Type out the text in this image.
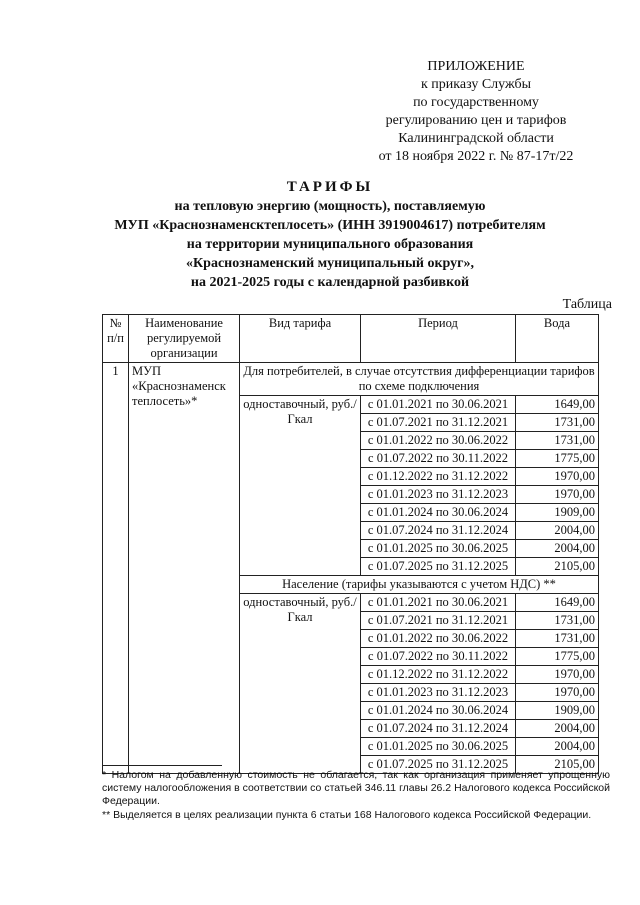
ПРИЛОЖЕНИЕ
к приказу Службы
по государственному
регулированию цен и тарифов
Калининградской области
от 18 ноября 2022 г. № 87-17т/22
ТАРИФЫ
на тепловую энергию (мощность), поставляемую
МУП «Краснознаменсктеплосеть» (ИНН 3919004617) потребителям
на территории муниципального образования
«Краснознаменский муниципальный округ»,
на 2021-2025 годы с календарной разбивкой
Таблица
№ п/п	Наименование регулируемой организации	Вид тарифа	Период	Вода
1	МУП «Краснознаменск теплосеть»*	Для потребителей, в случае отсутствия дифференциации тарифов по схеме подключения		
		одноставочный, руб./Гкал	с 01.01.2021 по 30.06.2021	1649,00
			с 01.07.2021 по 31.12.2021	1731,00
			с 01.01.2022 по 30.06.2022	1731,00
			с 01.07.2022 по 30.11.2022	1775,00
			с 01.12.2022 по 31.12.2022	1970,00
			с 01.01.2023 по 31.12.2023	1970,00
			с 01.01.2024 по 30.06.2024	1909,00
			с 01.07.2024 по 31.12.2024	2004,00
			с 01.01.2025 по 30.06.2025	2004,00
			с 01.07.2025 по 31.12.2025	2105,00
		Население (тарифы указываются с учетом НДС) **		
		одноставочный, руб./Гкал	с 01.01.2021 по 30.06.2021	1649,00
			с 01.07.2021 по 31.12.2021	1731,00
			с 01.01.2022 по 30.06.2022	1731,00
			с 01.07.2022 по 30.11.2022	1775,00
			с 01.12.2022 по 31.12.2022	1970,00
			с 01.01.2023 по 31.12.2023	1970,00
			с 01.01.2024 по 30.06.2024	1909,00
			с 01.07.2024 по 31.12.2024	2004,00
			с 01.01.2025 по 30.06.2025	2004,00
			с 01.07.2025 по 31.12.2025	2105,00
* Налогом на добавленную стоимость не облагается, так как организация применяет упрощенную систему налогообложения в соответствии со статьей 346.11 главы 26.2 Налогового кодекса Российской Федерации.
** Выделяется в целях реализации пункта 6 статьи 168 Налогового кодекса Российской Федерации.
